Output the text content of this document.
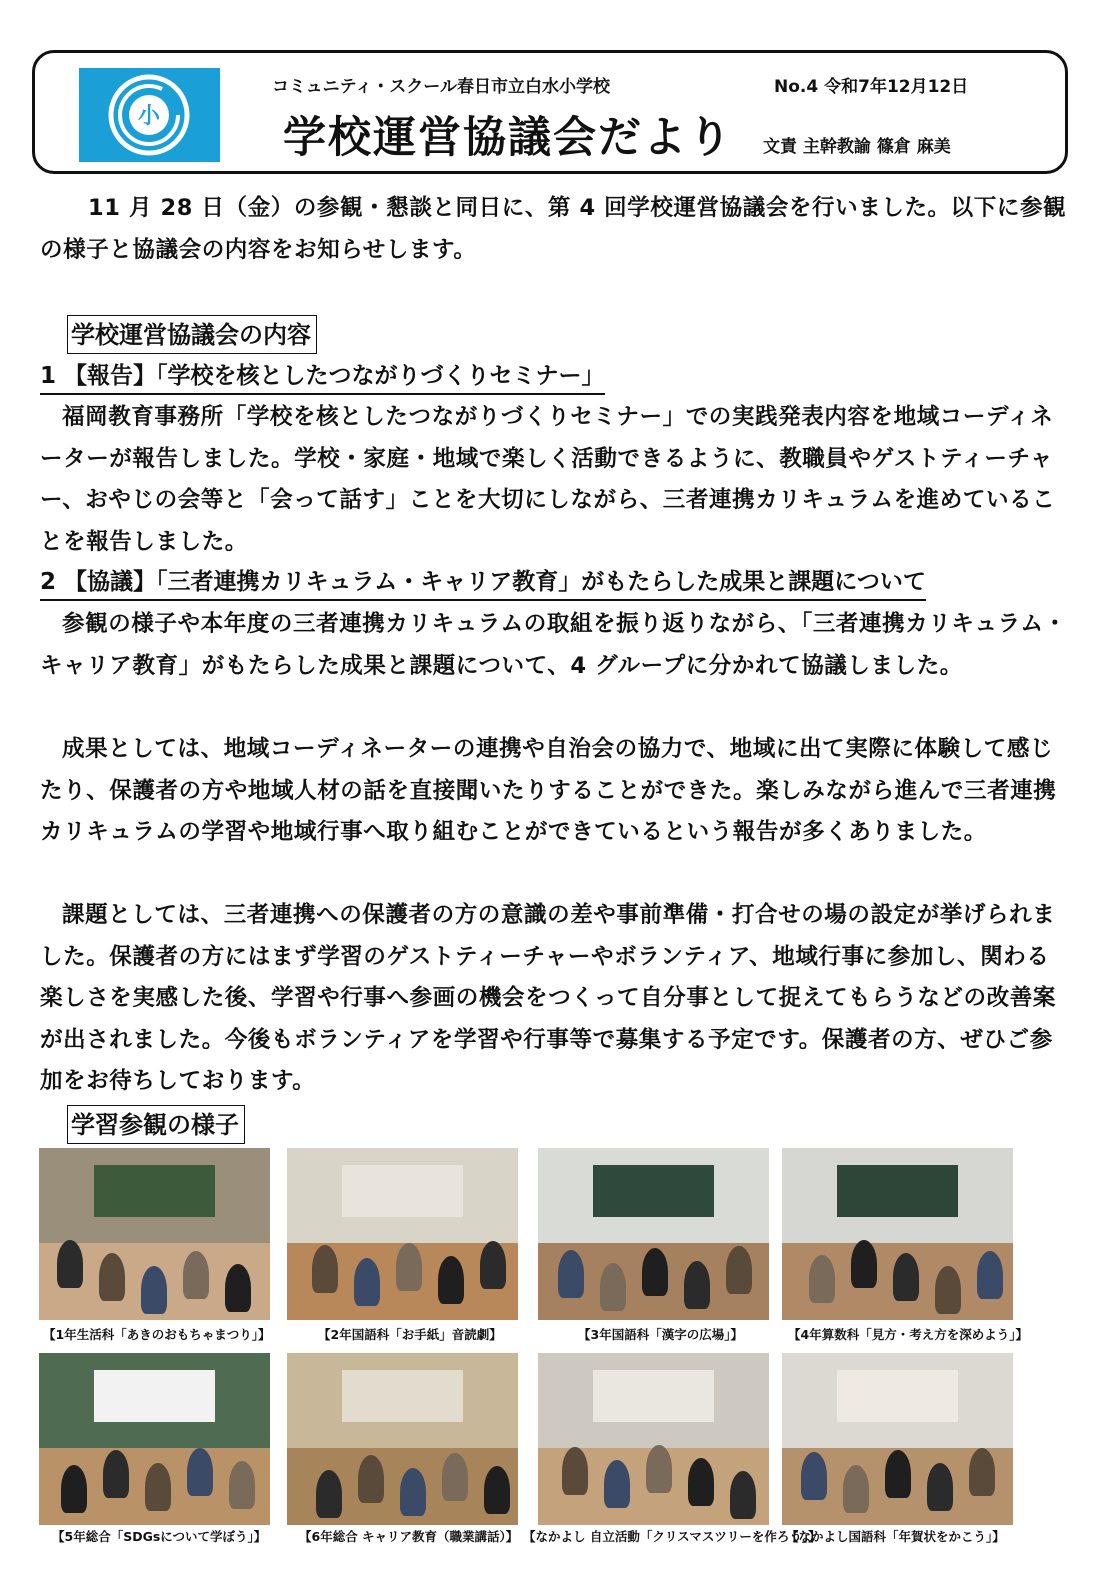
小
コミュニティ・スクール春日市立白水小学校	No.4 令和7年12月12日
学校運営協議会だより 文責 主幹教諭 篠倉 麻美

11 月 28 日（金）の参観・懇談と同日に、第 4 回学校運営協議会を行いました。以下に参観の様子と協議会の内容をお知らせします。

学校運営協議会の内容
1 【報告】「学校を核としたつながりづくりセミナー」

福岡教育事務所「学校を核としたつながりづくりセミナー」での実践発表内容を地域コーディネーターが報告しました。学校・家庭・地域で楽しく活動できるように、教職員やゲストティーチャー、おやじの会等と「会って話す」ことを大切にしながら、三者連携カリキュラムを進めていることを報告しました。

2 【協議】「三者連携カリキュラム・キャリア教育」がもたらした成果と課題について

参観の様子や本年度の三者連携カリキュラムの取組を振り返りながら、「三者連携カリキュラム・キャリア教育」がもたらした成果と課題について、4 グループに分かれて協議しました。

成果としては、地域コーディネーターの連携や自治会の協力で、地域に出て実際に体験して感じたり、保護者の方や地域人材の話を直接聞いたりすることができた。楽しみながら進んで三者連携カリキュラムの学習や地域行事へ取り組むことができているという報告が多くありました。

課題としては、三者連携への保護者の方の意識の差や事前準備・打合せの場の設定が挙げられました。保護者の方にはまず学習のゲストティーチャーやボランティア、地域行事に参加し、関わる楽しさを実感した後、学習や行事へ参画の機会をつくって自分事として捉えてもらうなどの改善案が出されました。今後もボランティアを学習や行事等で募集する予定です。保護者の方、ぜひご参加をお待ちしております。

学習参観の様子
【1年生活科「あきのおもちゃまつり」】	【2年国語科「お手紙」音読劇】	【3年国語科「漢字の広場」】	【4年算数科「見方・考え方を深めよう」】
【5年総合「SDGsについて学ぼう」】	【6年総合 キャリア教育（職業講話）】 【なかよし 自立活動「クリスマスツリーを作ろう」】
【なかよし国語科「年賀状をかこう」】
